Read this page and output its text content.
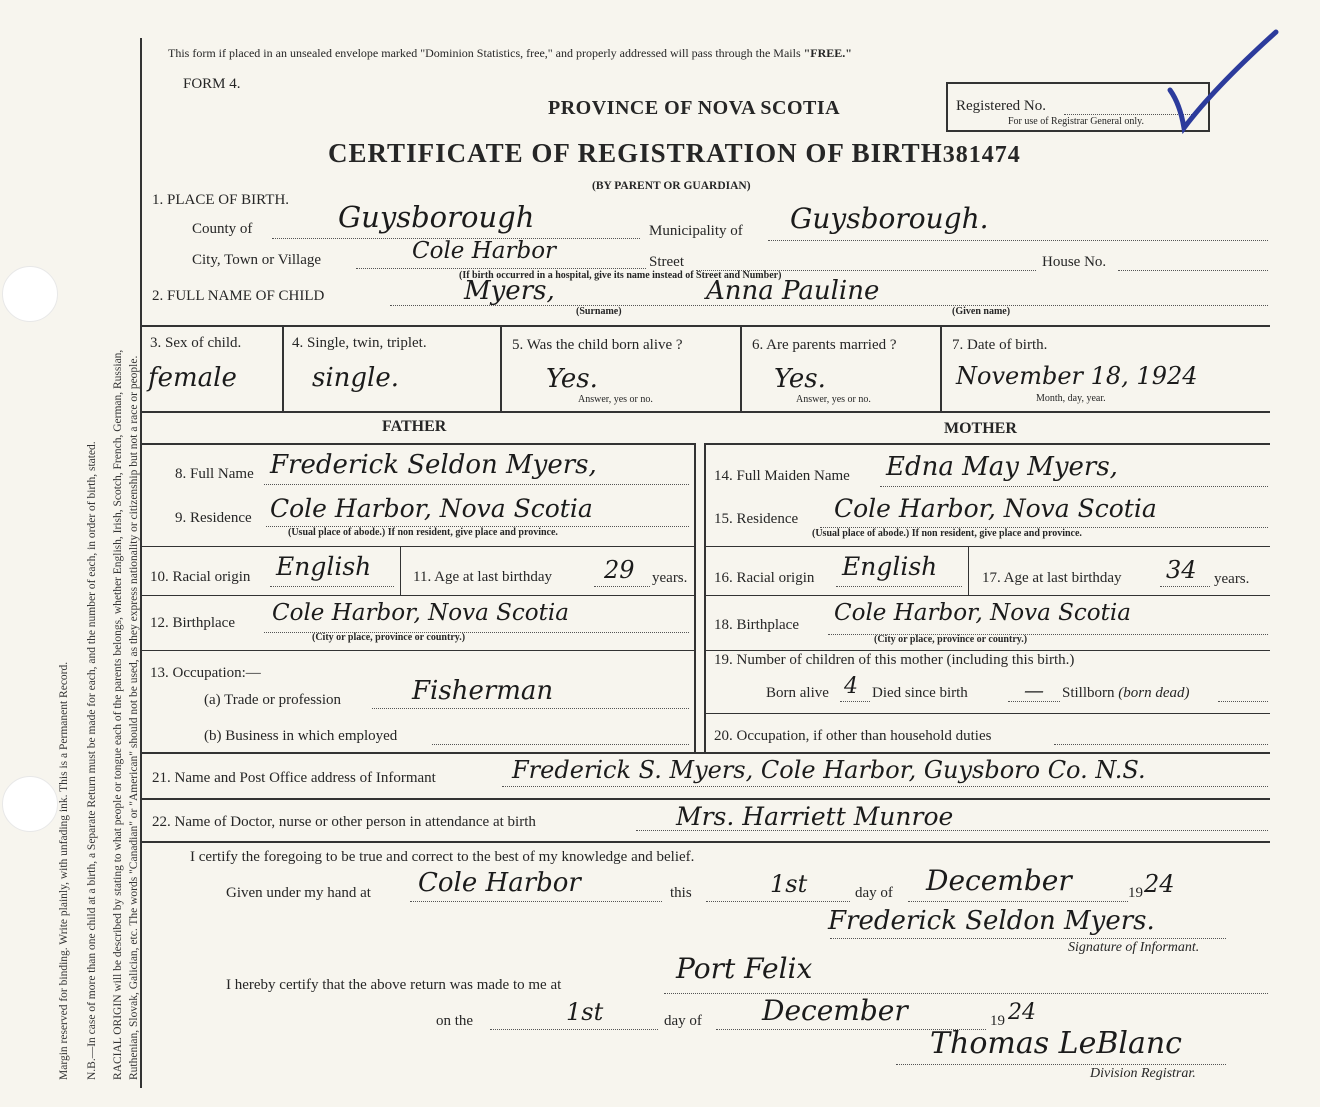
Margin reserved for binding. Write plainly, with unfading ink. This is a Permanent Record. N.B.—In case of more than one child at a birth, a Separate Return must be made for each, and the number of each, in order of birth, stated. RACIAL ORIGIN will be described by stating to what people or tongue each of the parents belongs, whether English, Irish, Scotch, French, German, Russian, Ruthenian, Slovak, Galician, etc. The words "Canadian" or "American" should not be used, as they express nationality or citizenship but not a race or people.
This form if placed in an unsealed envelope marked "Dominion Statistics, free," and properly addressed will pass through the Mails "FREE."
FORM 4.
PROVINCE OF NOVA SCOTIA	Registered No.
For use of Registrar General only.
CERTIFICATE OF REGISTRATION OF BIRTH381474
(BY PARENT OR GUARDIAN)
1. PLACE OF BIRTH.
County of	Guysborough	Municipality of Guysborough.
City, Town or Village	Cole Harbor	Street	House No.
(If birth occurred in a hospital, give its name instead of Street and Number)
2. FULL NAME OF CHILD	Myers,
(Surname)
Anna Pauline
(Given name)
3. Sex of child.
female
4. Single, twin, triplet.
single.
5. Was the child born alive ?
Yes.
Answer, yes or no.
6. Are parents married ?
Yes.
Answer, yes or no.
7. Date of birth.
November 18, 1924
Month, day, year.
FATHER	MOTHER
8. Full Name Frederick Seldon Myers,
9. Residence Cole Harbor, Nova Scotia
(Usual place of abode.) If non resident, give place and province.
10. Racial origin English	11. Age at last birthday 29 years.
12. Birthplace Cole Harbor, Nova Scotia
(City or place, province or country.)
13. Occupation:—
(a) Trade or profession	Fisherman
(b) Business in which employed
14. Full Maiden Name Edna May Myers,
15. Residence Cole Harbor, Nova Scotia
(Usual place of abode.) If non resident, give place and province.
16. Racial origin English	17. Age at last birthday 34 years.
18. Birthplace Cole Harbor, Nova Scotia
(City or place, province or country.)
19. Number of children of this mother (including this birth.)
Born alive 4 Died since birth	— Stillborn (born dead)
20. Occupation, if other than household duties
21. Name and Post Office address of Informant	Frederick S. Myers, Cole Harbor, Guysboro Co. N.S.
22. Name of Doctor, nurse or other person in attendance at birth	Mrs. Harriett Munroe
I certify the foregoing to be true and correct to the best of my knowledge and belief.
Given under my hand at Cole Harbor	this	1st	day of December	19 24
Frederick Seldon Myers.
Signature of Informant.
I hereby certify that the above return was made to me at	Port Felix
on the	1st	day of December	19 24
Thomas LeBlanc
Division Registrar.
